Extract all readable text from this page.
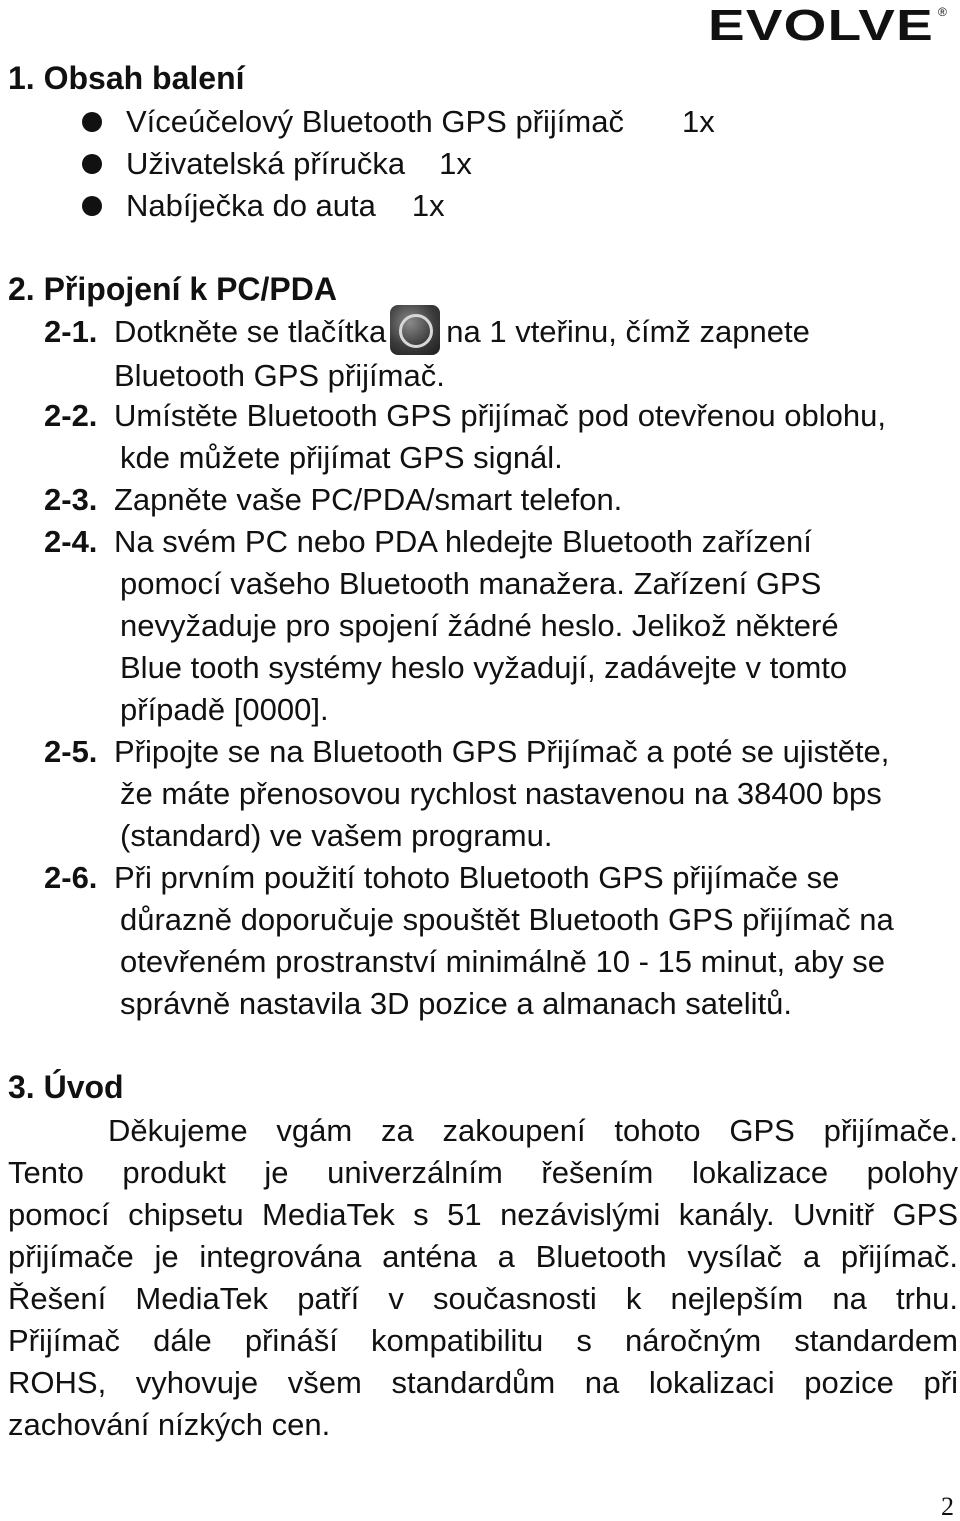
EVOLVE ®
1. Obsah balení
Víceúčelový Bluetooth GPS přijímač 1x
Uživatelská příručka 1x
Nabíječka do auta 1x
2. Připojení k PC/PDA
2-1. Dotkněte se tlačítka na 1 vteřinu, čímž zapnete
Bluetooth GPS přijímač.
2-2. Umístěte Bluetooth GPS přijímač pod otevřenou oblohu,
kde můžete přijímat GPS signál.
2-3. Zapněte vaše PC/PDA/smart telefon.
2-4. Na svém PC nebo PDA hledejte Bluetooth zařízení
pomocí vašeho Bluetooth manažera. Zařízení GPS
nevyžaduje pro spojení žádné heslo. Jelikož některé
Blue tooth systémy heslo vyžadují, zadávejte v tomto
případě [0000].
2-5. Připojte se na Bluetooth GPS Přijímač a poté se ujistěte,
že máte přenosovou rychlost nastavenou na 38400 bps
(standard) ve vašem programu.
2-6. Při prvním použití tohoto Bluetooth GPS přijímače se
důrazně doporučuje spouštět Bluetooth GPS přijímač na
otevřeném prostranství minimálně 10 - 15 minut, aby se
správně nastavila 3D pozice a almanach satelitů.
3. Úvod
Děkujeme vgám za zakoupení tohoto GPS přijímače.
Tento produkt je univerzálním řešením lokalizace polohy
pomocí chipsetu MediaTek s 51 nezávislými kanály. Uvnitř GPS
přijímače je integrována anténa a Bluetooth vysílač a přijímač.
Řešení MediaTek patří v současnosti k nejlepším na trhu.
Přijímač dále přináší kompatibilitu s náročným standardem
ROHS, vyhovuje všem standardům na lokalizaci pozice při
zachování nízkých cen.
2
